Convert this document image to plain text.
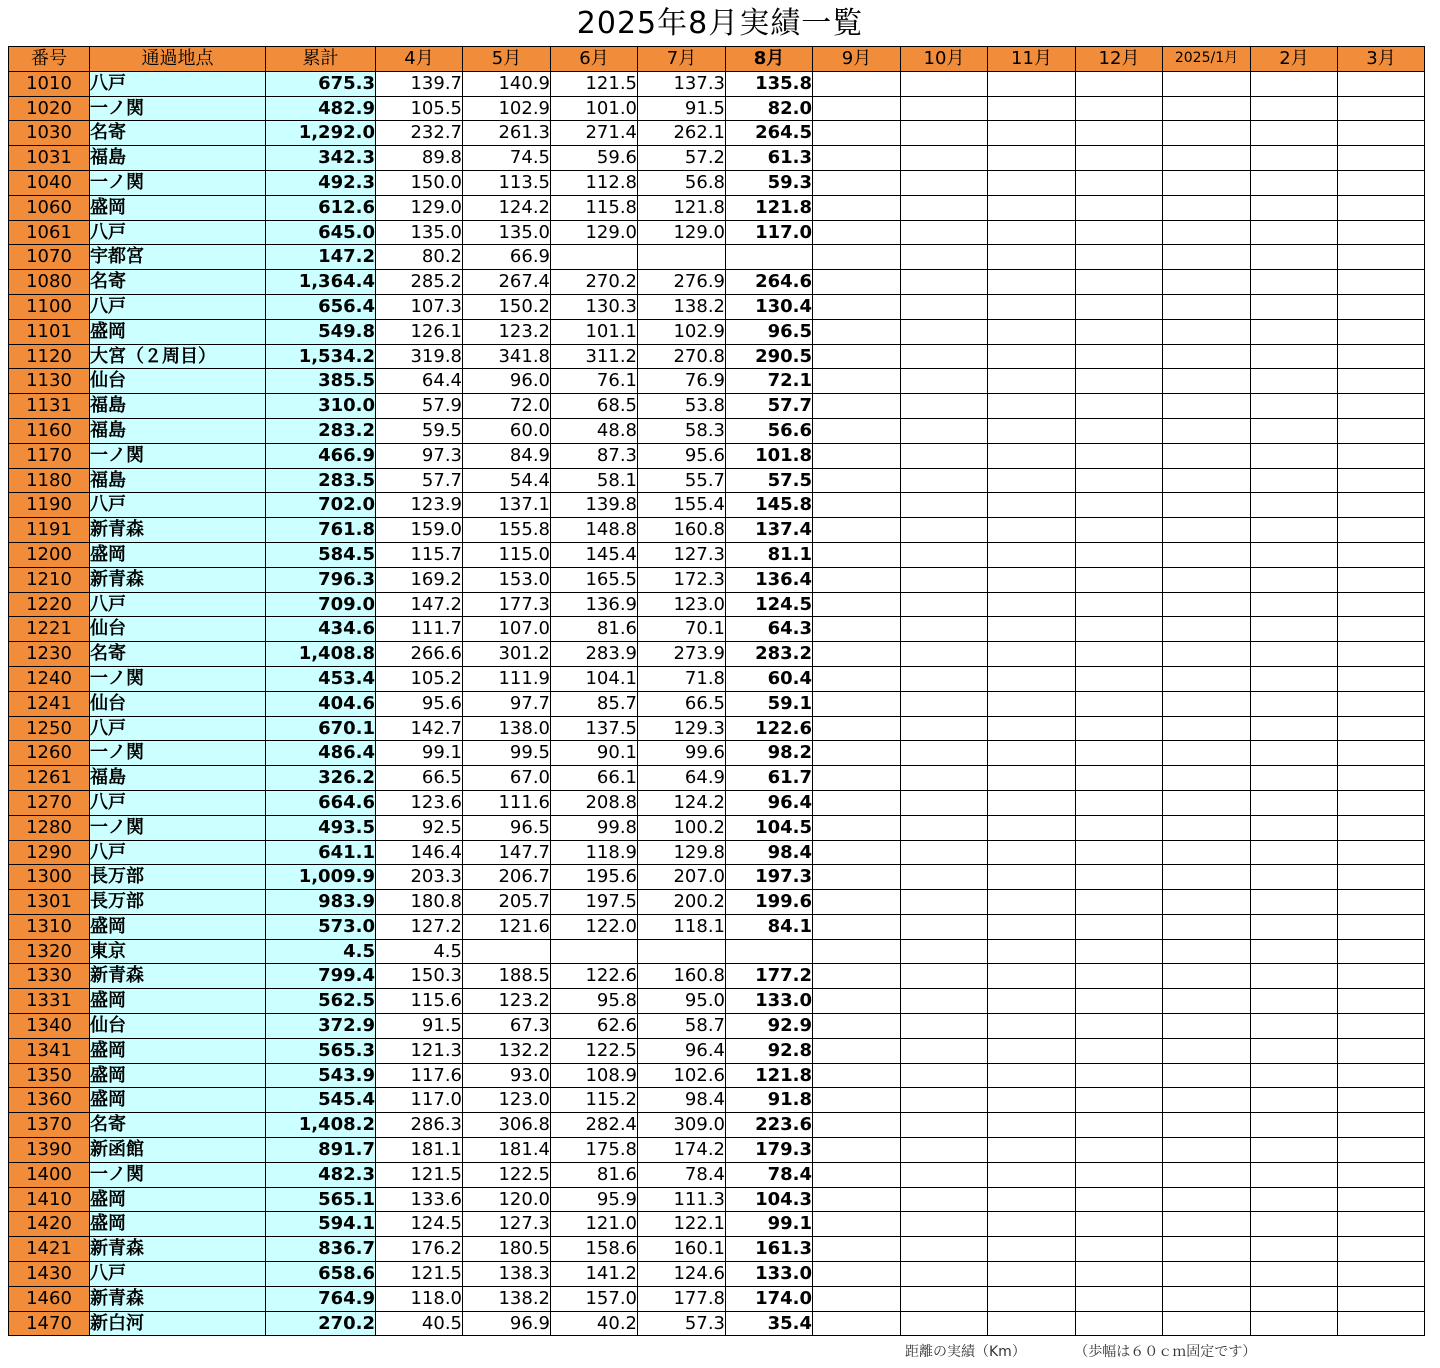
2025年8月実績一覧
番号	通過地点	累計	4月	5月	6月	7月	8月	9月	10月	11月	12月	2025/1月	2月	3月
1010	八戸	675.3	139.7	140.9	121.5	137.3	135.8							
1020	一ノ関	482.9	105.5	102.9	101.0	91.5	82.0							
1030	名寄	1,292.0	232.7	261.3	271.4	262.1	264.5							
1031	福島	342.3	89.8	74.5	59.6	57.2	61.3							
1040	一ノ関	492.3	150.0	113.5	112.8	56.8	59.3							
1060	盛岡	612.6	129.0	124.2	115.8	121.8	121.8							
1061	八戸	645.0	135.0	135.0	129.0	129.0	117.0							
1070	宇都宮	147.2	80.2	66.9										
1080	名寄	1,364.4	285.2	267.4	270.2	276.9	264.6							
1100	八戸	656.4	107.3	150.2	130.3	138.2	130.4							
1101	盛岡	549.8	126.1	123.2	101.1	102.9	96.5							
1120	大宮（２周目）	1,534.2	319.8	341.8	311.2	270.8	290.5							
1130	仙台	385.5	64.4	96.0	76.1	76.9	72.1							
1131	福島	310.0	57.9	72.0	68.5	53.8	57.7							
1160	福島	283.2	59.5	60.0	48.8	58.3	56.6							
1170	一ノ関	466.9	97.3	84.9	87.3	95.6	101.8							
1180	福島	283.5	57.7	54.4	58.1	55.7	57.5							
1190	八戸	702.0	123.9	137.1	139.8	155.4	145.8							
1191	新青森	761.8	159.0	155.8	148.8	160.8	137.4							
1200	盛岡	584.5	115.7	115.0	145.4	127.3	81.1							
1210	新青森	796.3	169.2	153.0	165.5	172.3	136.4							
1220	八戸	709.0	147.2	177.3	136.9	123.0	124.5							
1221	仙台	434.6	111.7	107.0	81.6	70.1	64.3							
1230	名寄	1,408.8	266.6	301.2	283.9	273.9	283.2							
1240	一ノ関	453.4	105.2	111.9	104.1	71.8	60.4							
1241	仙台	404.6	95.6	97.7	85.7	66.5	59.1							
1250	八戸	670.1	142.7	138.0	137.5	129.3	122.6							
1260	一ノ関	486.4	99.1	99.5	90.1	99.6	98.2							
1261	福島	326.2	66.5	67.0	66.1	64.9	61.7							
1270	八戸	664.6	123.6	111.6	208.8	124.2	96.4							
1280	一ノ関	493.5	92.5	96.5	99.8	100.2	104.5							
1290	八戸	641.1	146.4	147.7	118.9	129.8	98.4							
1300	長万部	1,009.9	203.3	206.7	195.6	207.0	197.3							
1301	長万部	983.9	180.8	205.7	197.5	200.2	199.6							
1310	盛岡	573.0	127.2	121.6	122.0	118.1	84.1							
1320	東京	4.5	4.5											
1330	新青森	799.4	150.3	188.5	122.6	160.8	177.2							
1331	盛岡	562.5	115.6	123.2	95.8	95.0	133.0							
1340	仙台	372.9	91.5	67.3	62.6	58.7	92.9							
1341	盛岡	565.3	121.3	132.2	122.5	96.4	92.8							
1350	盛岡	543.9	117.6	93.0	108.9	102.6	121.8							
1360	盛岡	545.4	117.0	123.0	115.2	98.4	91.8							
1370	名寄	1,408.2	286.3	306.8	282.4	309.0	223.6							
1390	新函館	891.7	181.1	181.4	175.8	174.2	179.3							
1400	一ノ関	482.3	121.5	122.5	81.6	78.4	78.4							
1410	盛岡	565.1	133.6	120.0	95.9	111.3	104.3							
1420	盛岡	594.1	124.5	127.3	121.0	122.1	99.1							
1421	新青森	836.7	176.2	180.5	158.6	160.1	161.3							
1430	八戸	658.6	121.5	138.3	141.2	124.6	133.0							
1460	新青森	764.9	118.0	138.2	157.0	177.8	174.0							
1470	新白河	270.2	40.5	96.9	40.2	57.3	35.4							
距離の実績（Km）	（歩幅は６０ｃｍ固定です）
